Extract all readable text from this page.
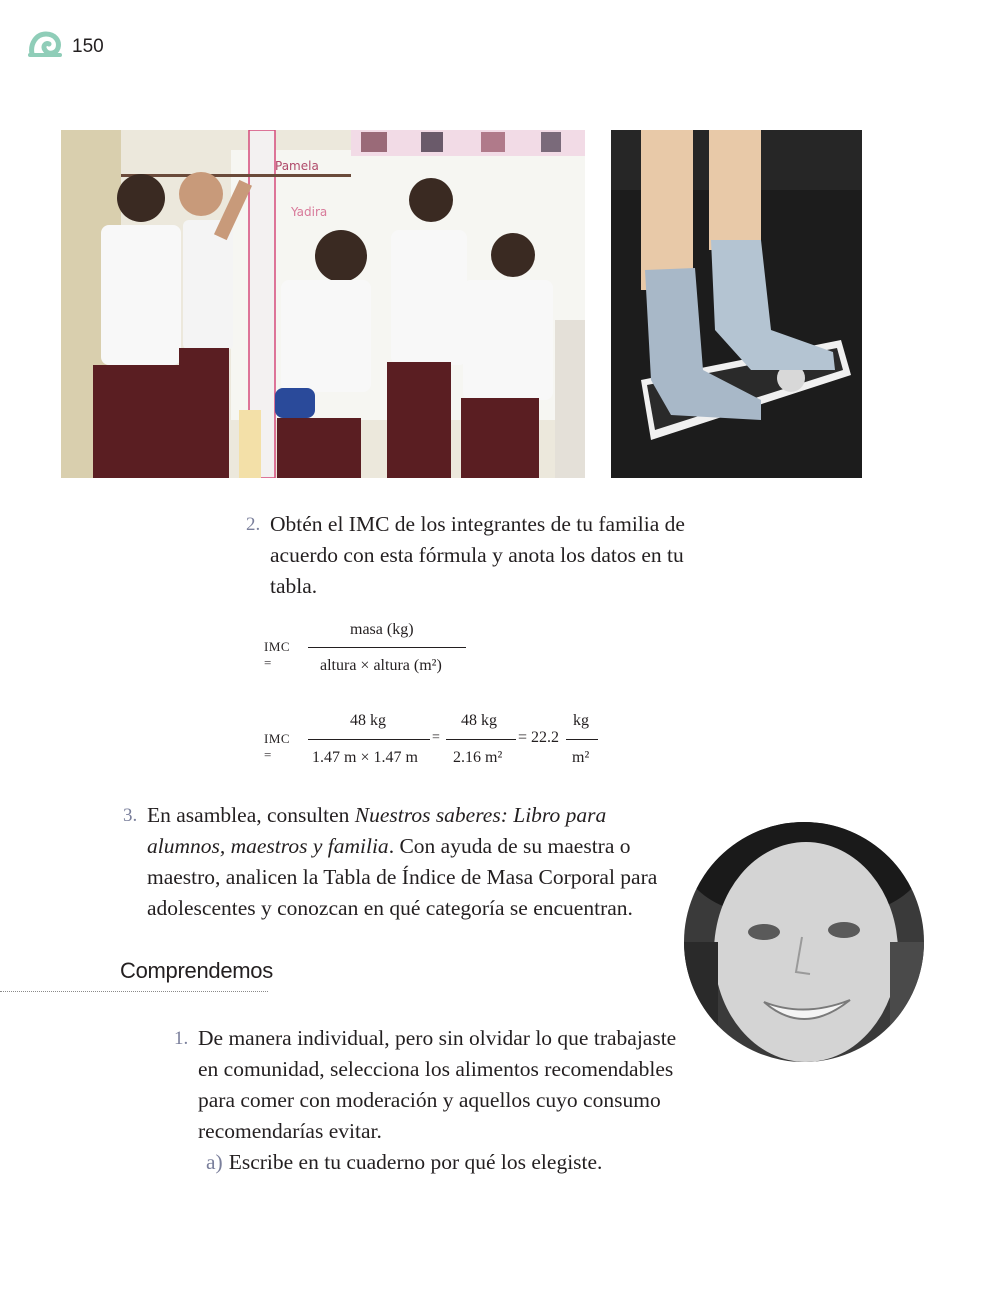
150
Pamela
Yadira
2. Obtén el IMC de los integrantes de tu familia de
acuerdo con esta fórmula y anota los datos en tu
tabla.
IMC =
masa (kg)
altura × altura (m²)
IMC =
48 kg
1.47 m × 1.47 m
=
48 kg
2.16 m²
= 22.2
kg
m²
3. En asamblea, consulten Nuestros saberes: Libro para
alumnos, maestros y familia. Con ayuda de su maestra o
maestro, analicen la Tabla de Índice de Masa Corporal para
adolescentes y conozcan en qué categoría se encuentran.
Comprendemos
1. De manera individual, pero sin olvidar lo que trabajaste
en comunidad, selecciona los alimentos recomendables
para comer con moderación y aquellos cuyo consumo
recomendarías evitar.
a) Escribe en tu cuaderno por qué los elegiste.
